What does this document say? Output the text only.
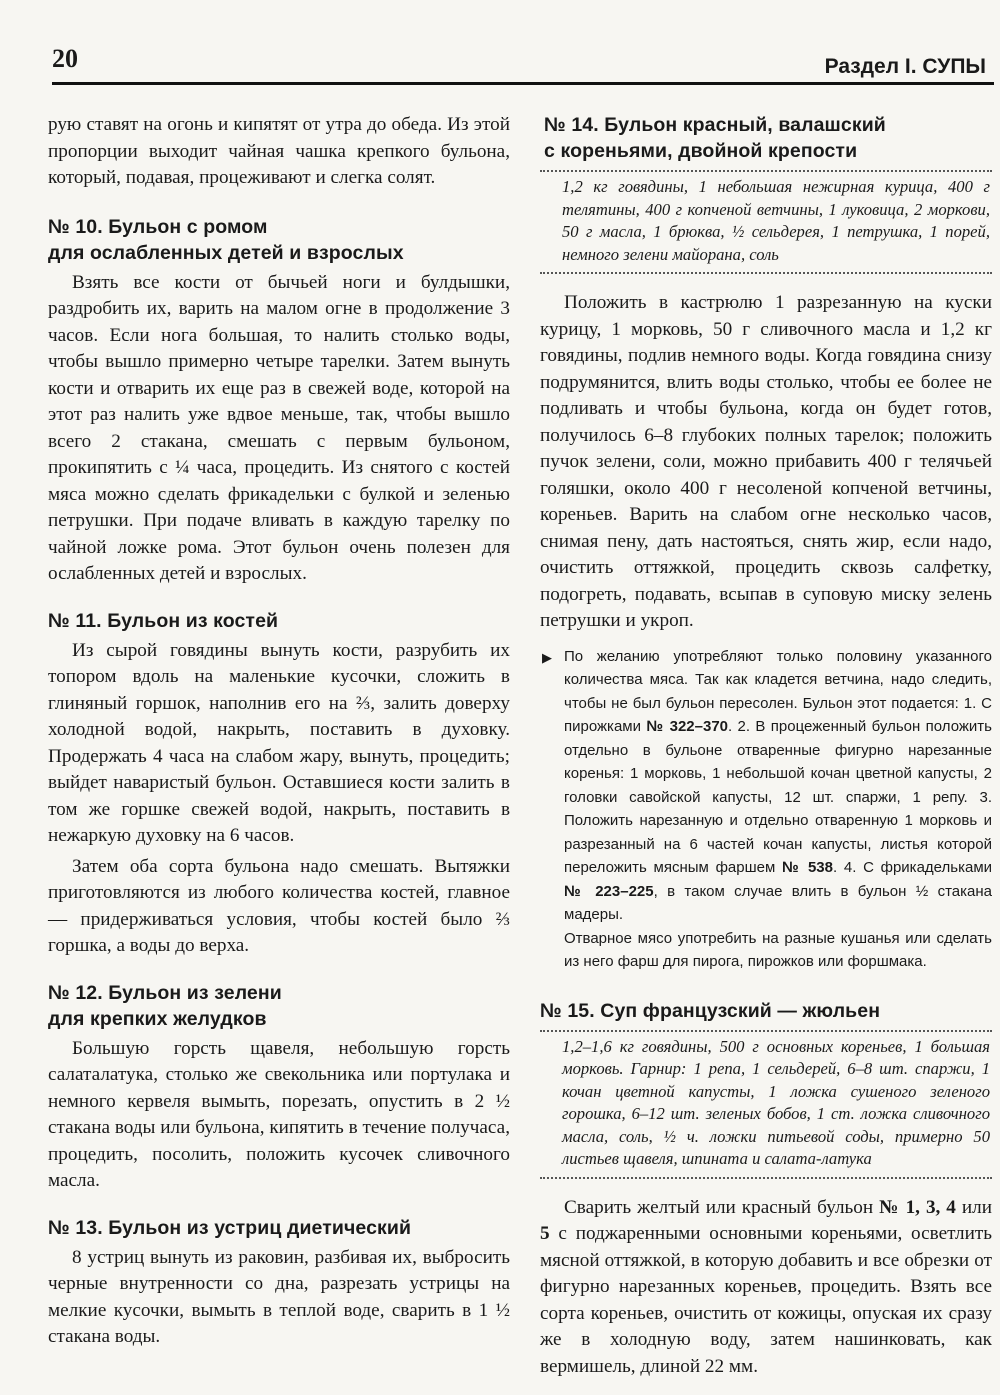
20	Раздел I. СУПЫ

рую ставят на огонь и кипятят от утра до обеда. Из этой пропорции выходит чайная чашка крепкого бульона, который, подавая, процеживают и слегка солят.

№ 10. Бульон с ромом
для ослабленных детей и взрослых

Взять все кости от бычьей ноги и булдышки, раздробить их, варить на малом огне в продолжение 3 часов. Если нога большая, то налить столько воды, чтобы вышло примерно четыре тарелки. Затем вынуть кости и отварить их еще раз в свежей воде, которой на этот раз налить уже вдвое меньше, так, чтобы вышло всего 2 стакана, смешать с первым бульоном, прокипятить с ¼ часа, процедить. Из снятого с костей мяса можно сделать фрикадельки с булкой и зеленью петрушки. При подаче вливать в каждую тарелку по чайной ложке рома. Этот бульон очень полезен для ослабленных детей и взрослых.

№ 11. Бульон из костей

Из сырой говядины вынуть кости, разрубить их топором вдоль на маленькие кусочки, сложить в глиняный горшок, наполнив его на ⅔, залить доверху холодной водой, накрыть, поставить в духовку. Продержать 4 часа на слабом жару, вынуть, процедить; выйдет наваристый бульон. Оставшиеся кости залить в том же горшке свежей водой, накрыть, поставить в нежаркую духовку на 6 часов.

Затем оба сорта бульона надо смешать. Вытяжки приготовляются из любого количества костей, главное — придерживаться условия, чтобы костей было ⅔ горшка, а воды до верха.

№ 12. Бульон из зелени
для крепких желудков

Большую горсть щавеля, небольшую горсть салаталатука, столько же свекольника или портулака и немного кервеля вымыть, порезать, опустить в 2 ½ стакана воды или бульона, кипятить в течение получаса, процедить, посолить, положить кусочек сливочного масла.

№ 13. Бульон из устриц диетический

8 устриц вынуть из раковин, разбивая их, выбросить черные внутренности со дна, разрезать устрицы на мелкие кусочки, вымыть в теплой воде, сварить в 1 ½ стакана воды.

№ 14. Бульон красный, валашский
с кореньями, двойной крепости
1,2 кг говядины, 1 небольшая нежирная курица, 400 г телятины, 400 г копченой ветчины, 1 луковица, 2 моркови, 50 г масла, 1 брюква, ½ сельдерея, 1 петрушка, 1 порей, немного зелени майорана, соль

Положить в кастрюлю 1 разрезанную на куски курицу, 1 морковь, 50 г сливочного масла и 1,2 кг говядины, подлив немного воды. Когда говядина снизу подрумянится, влить воды столько, чтобы ее более не подливать и чтобы бульона, когда он будет готов, получилось 6–8 глубоких полных тарелок; положить пучок зелени, соли, можно прибавить 400 г телячьей голяшки, около 400 г несоленой копченой ветчины, кореньев. Варить на слабом огне несколько часов, снимая пену, дать настояться, снять жир, если надо, очистить оттяжкой, процедить сквозь салфетку, подогреть, подавать, всыпав в суповую миску зелень петрушки и укроп.

▶ По желанию употребляют только половину указанного количества мяса. Так как кладется ветчина, надо следить, чтобы не был бульон пересолен. Бульон этот подается: 1. С пирожками № 322–370. 2. В процеженный бульон положить отдельно в бульоне отваренные фигурно нарезанные коренья: 1 морковь, 1 небольшой кочан цветной капусты, 2 головки савойской капусты, 12 шт. спаржи, 1 репу. 3. Положить нарезанную и отдельно отваренную 1 морковь и разрезанный на 6 частей кочан капусты, листья которой переложить мясным фаршем № 538. 4. С фрикадельками № 223–225, в таком случае влить в бульон ½ стакана мадеры.

Отварное мясо употребить на разные кушанья или сделать из него фарш для пирога, пирожков или форшмака.

№ 15. Суп французский — жюльен
1,2–1,6 кг говядины, 500 г основных кореньев, 1 большая морковь. Гарнир: 1 репа, 1 сельдерей, 6–8 шт. спаржи, 1 кочан цветной капусты, 1 ложка сушеного зеленого горошка, 6–12 шт. зеленых бобов, 1 ст. ложка сливочного масла, соль, ½ ч. ложки питьевой соды, примерно 50 листьев щавеля, шпината и салата-латука

Сварить желтый или красный бульон № 1, 3, 4 или 5 с поджаренными основными кореньями, осветлить мясной оттяжкой, в которую добавить и все обрезки от фигурно нарезанных кореньев, процедить. Взять все сорта кореньев, очистить от кожицы, опуская их сразу же в холодную воду, затем нашинковать, как вермишель, длиной 22 мм.
